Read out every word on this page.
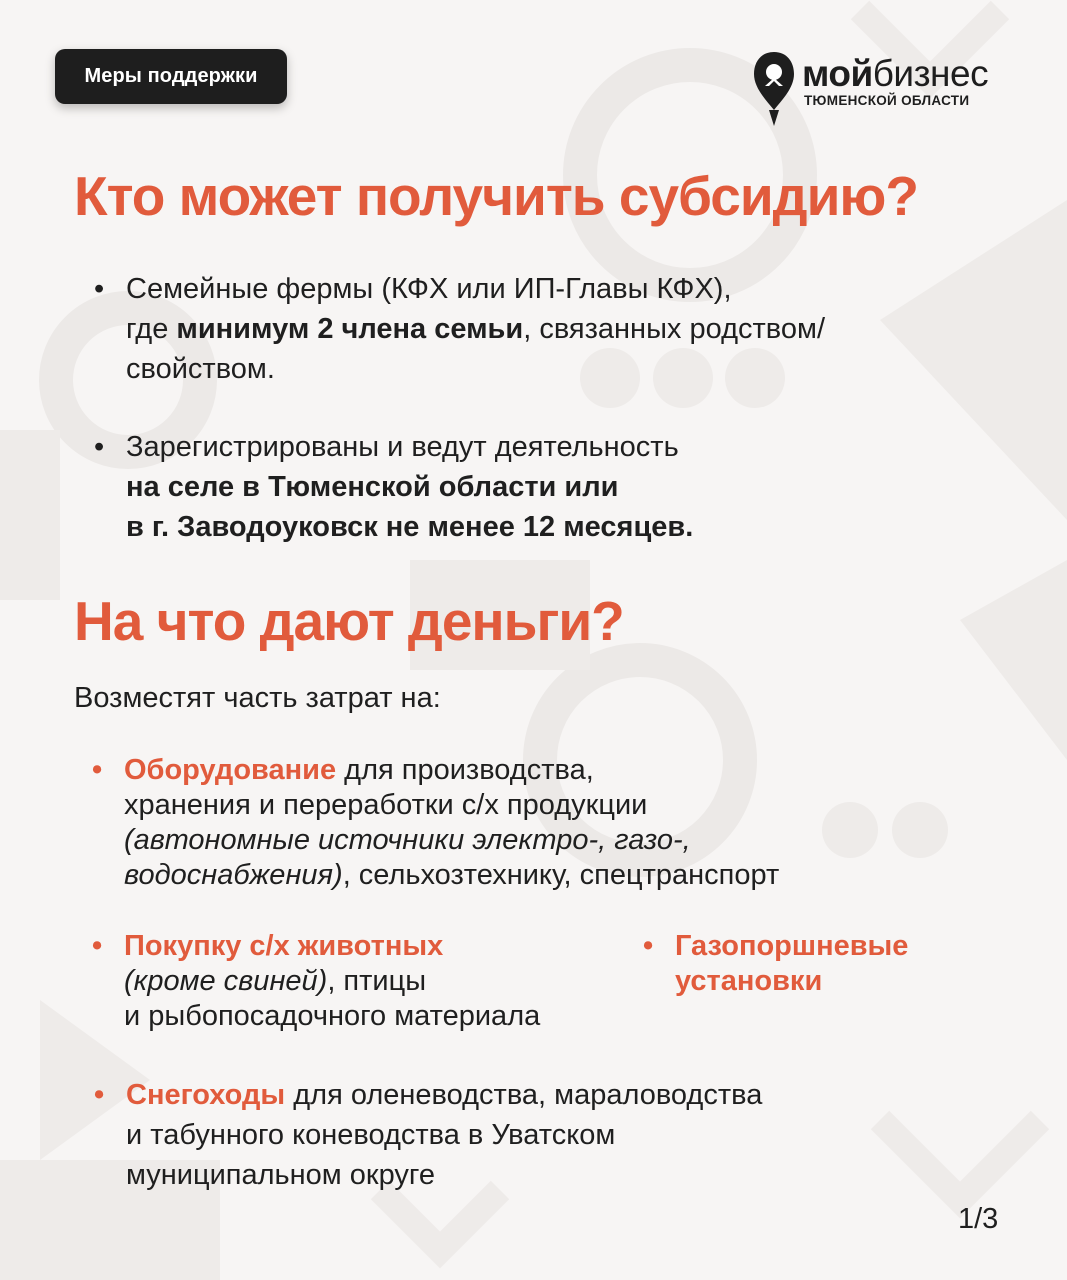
Меры поддержки	мойбизнес
ТЮМЕНСКОЙ ОБЛАСТИ
Кто может получить субсидию?
• Семейные фермы (КФХ или ИП-Главы КФХ),
где минимум 2 члена семьи, связанных родством/
свойством.
• Зарегистрированы и ведут деятельность
на селе в Тюменской области или
в г. Заводоуковск не менее 12 месяцев.
На что дают деньги?
Возместят часть затрат на:
• Оборудование для производства,
хранения и переработки с/х продукции
(автономные источники электро-, газо-,
водоснабжения), сельхозтехнику, спецтранспорт
• Покупку с/х животных
(кроме свиней), птицы
и рыбопосадочного материала
• Газопоршневые
установки
• Снегоходы для оленеводства, мараловодства
и табунного коневодства в Уватском
муниципальном округе
1/3
